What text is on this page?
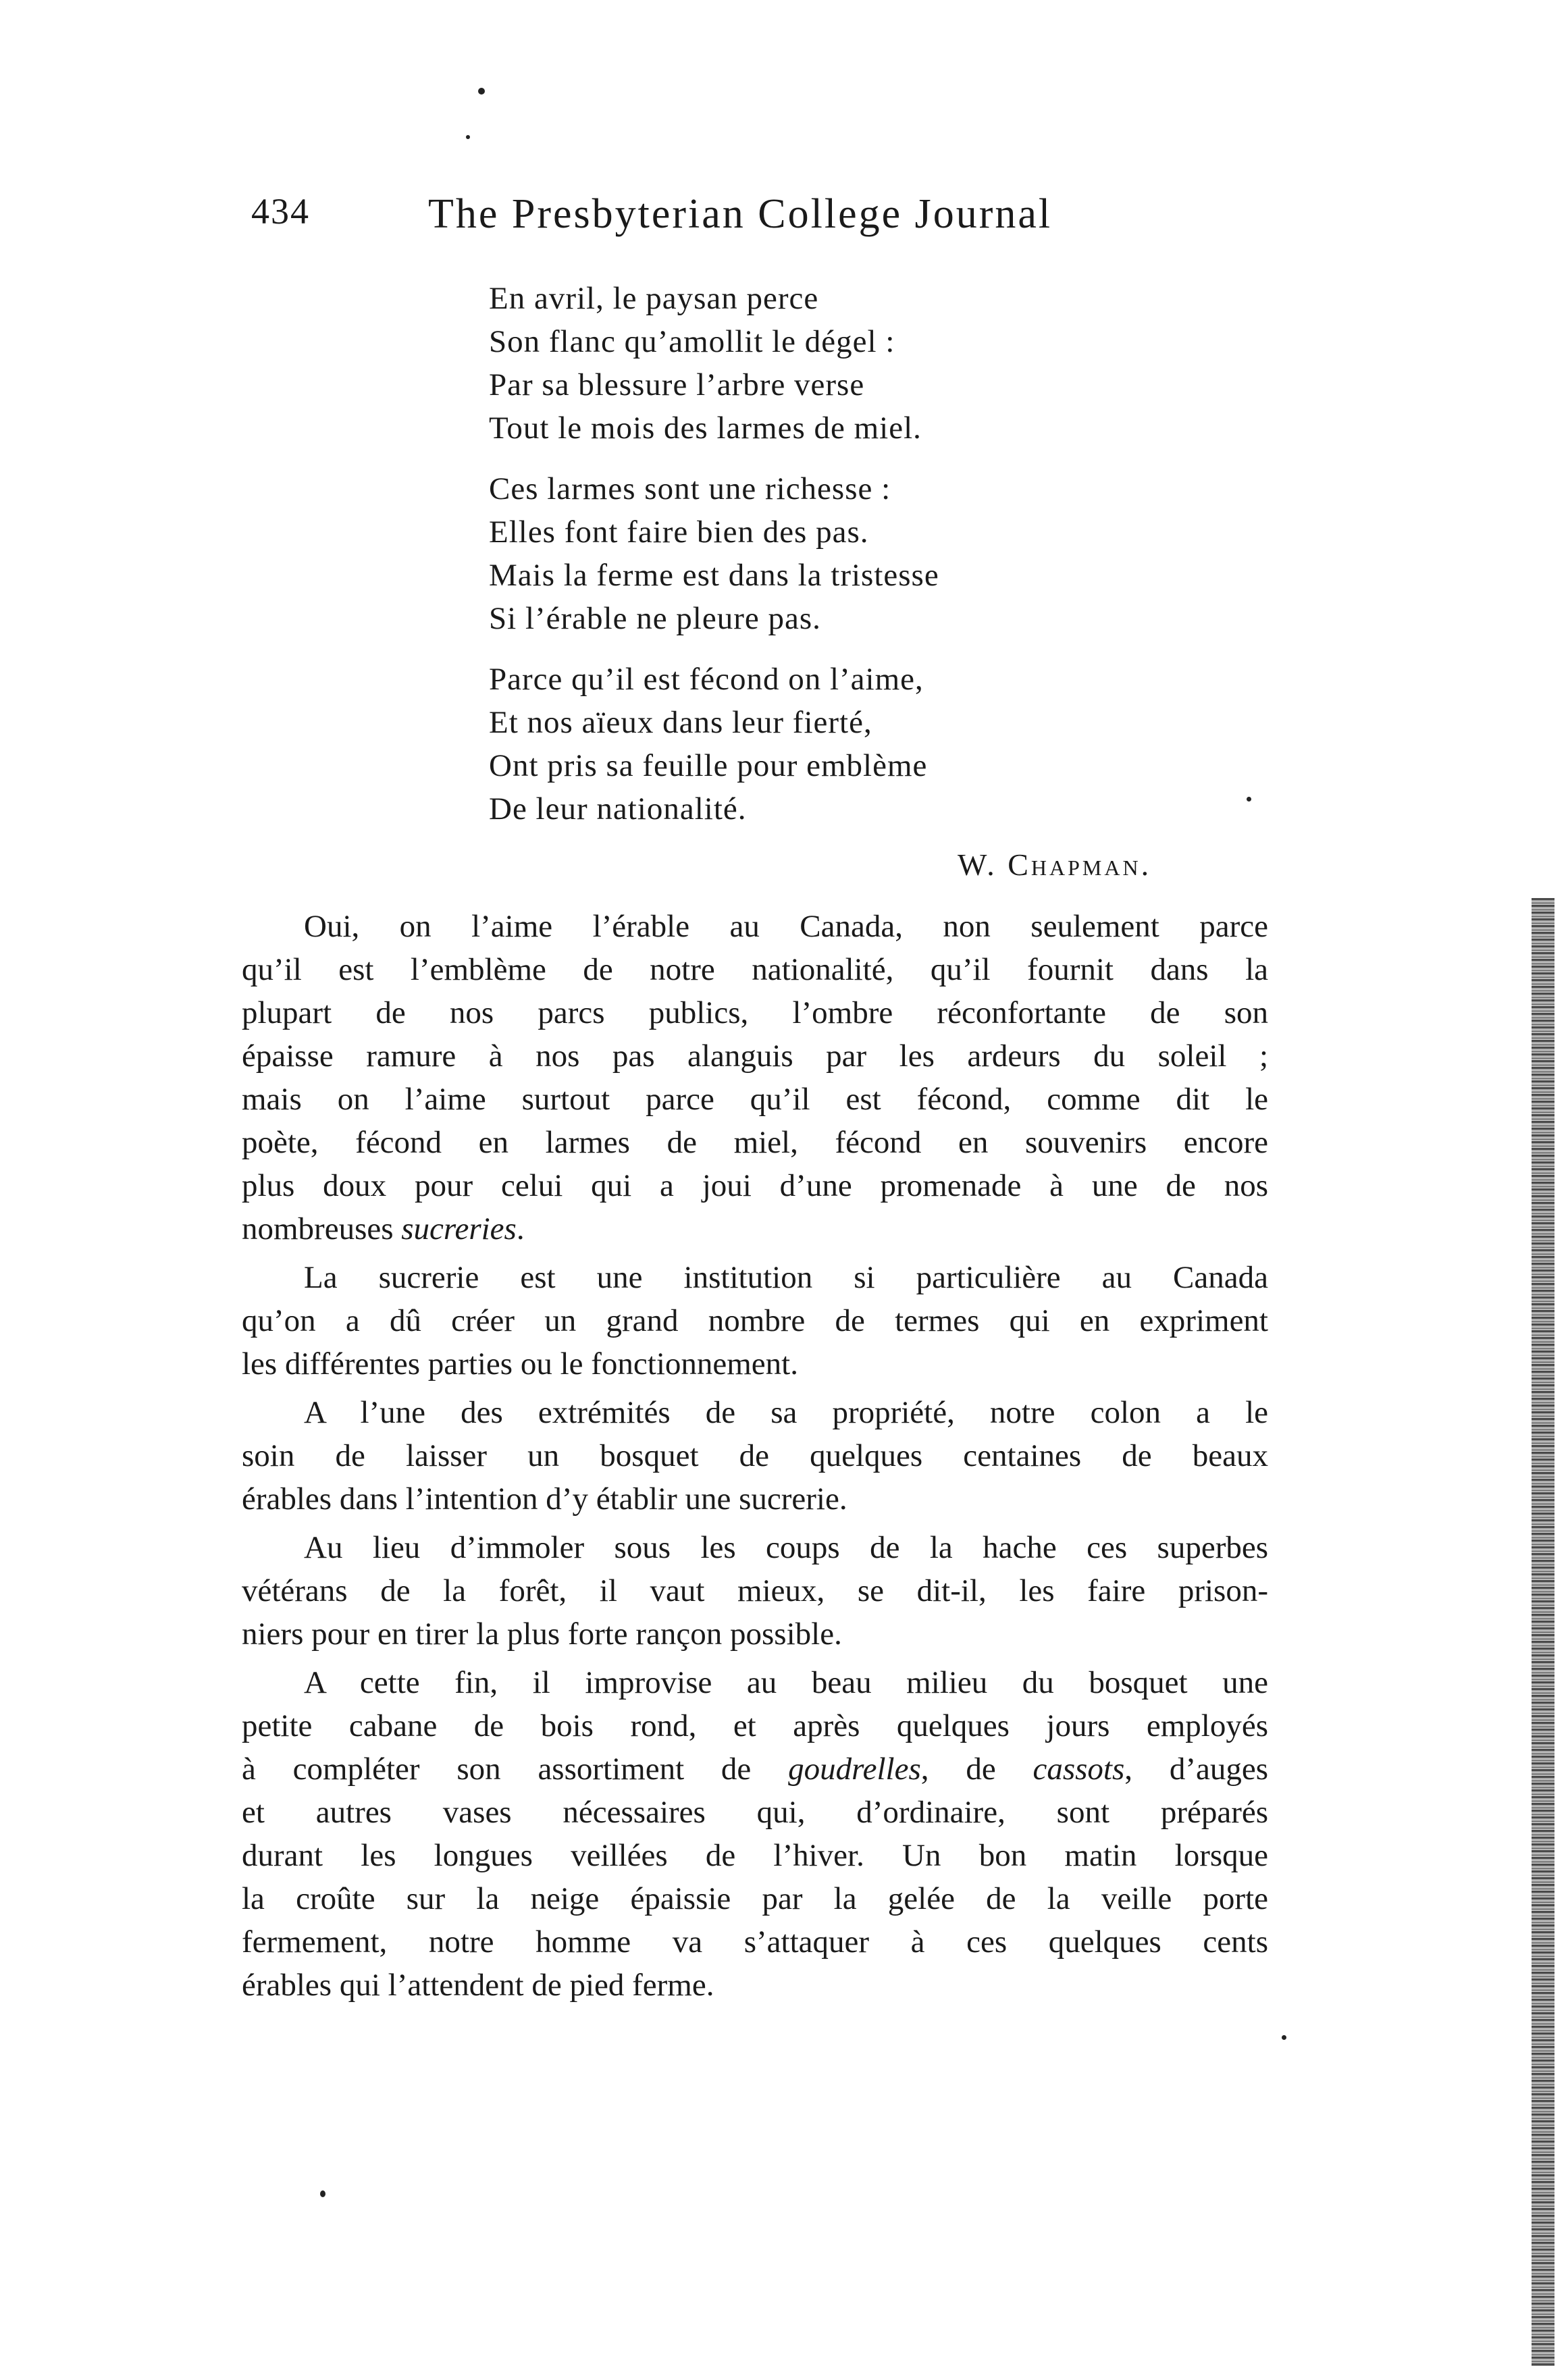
434	The Presbyterian College Journal
En avril, le paysan perce
Son flanc qu’amollit le dégel :
Par sa blessure l’arbre verse
Tout le mois des larmes de miel.
Ces larmes sont une richesse :
Elles font faire bien des pas.
Mais la ferme est dans la tristesse
Si l’érable ne pleure pas.
Parce qu’il est fécond on l’aime,
Et nos aïeux dans leur fierté,
Ont pris sa feuille pour emblème
De leur nationalité.
W. Chapman.
Oui, on l’aime l’érable au Canada, non seulement parce
qu’il est l’emblème de notre nationalité, qu’il fournit dans la
plupart de nos parcs publics, l’ombre réconfortante de son
épaisse ramure à nos pas alanguis par les ardeurs du soleil ;
mais on l’aime surtout parce qu’il est fécond, comme dit le
poète, fécond en larmes de miel, fécond en souvenirs encore
plus doux pour celui qui a joui d’une promenade à une de nos
nombreuses sucreries.
La sucrerie est une institution si particulière au Canada
qu’on a dû créer un grand nombre de termes qui en expriment
les différentes parties ou le fonctionnement.
A l’une des extrémités de sa propriété, notre colon a le
soin de laisser un bosquet de quelques centaines de beaux
érables dans l’intention d’y établir une sucrerie.
Au lieu d’immoler sous les coups de la hache ces superbes
vétérans de la forêt, il vaut mieux, se dit-il, les faire prison-
niers pour en tirer la plus forte rançon possible.
A cette fin, il improvise au beau milieu du bosquet une
petite cabane de bois rond, et après quelques jours employés
à compléter son assortiment de goudrelles, de cassots, d’auges
et autres vases nécessaires qui, d’ordinaire, sont préparés
durant les longues veillées de l’hiver. Un bon matin lorsque
la croûte sur la neige épaissie par la gelée de la veille porte
fermement, notre homme va s’attaquer à ces quelques cents
érables qui l’attendent de pied ferme.
